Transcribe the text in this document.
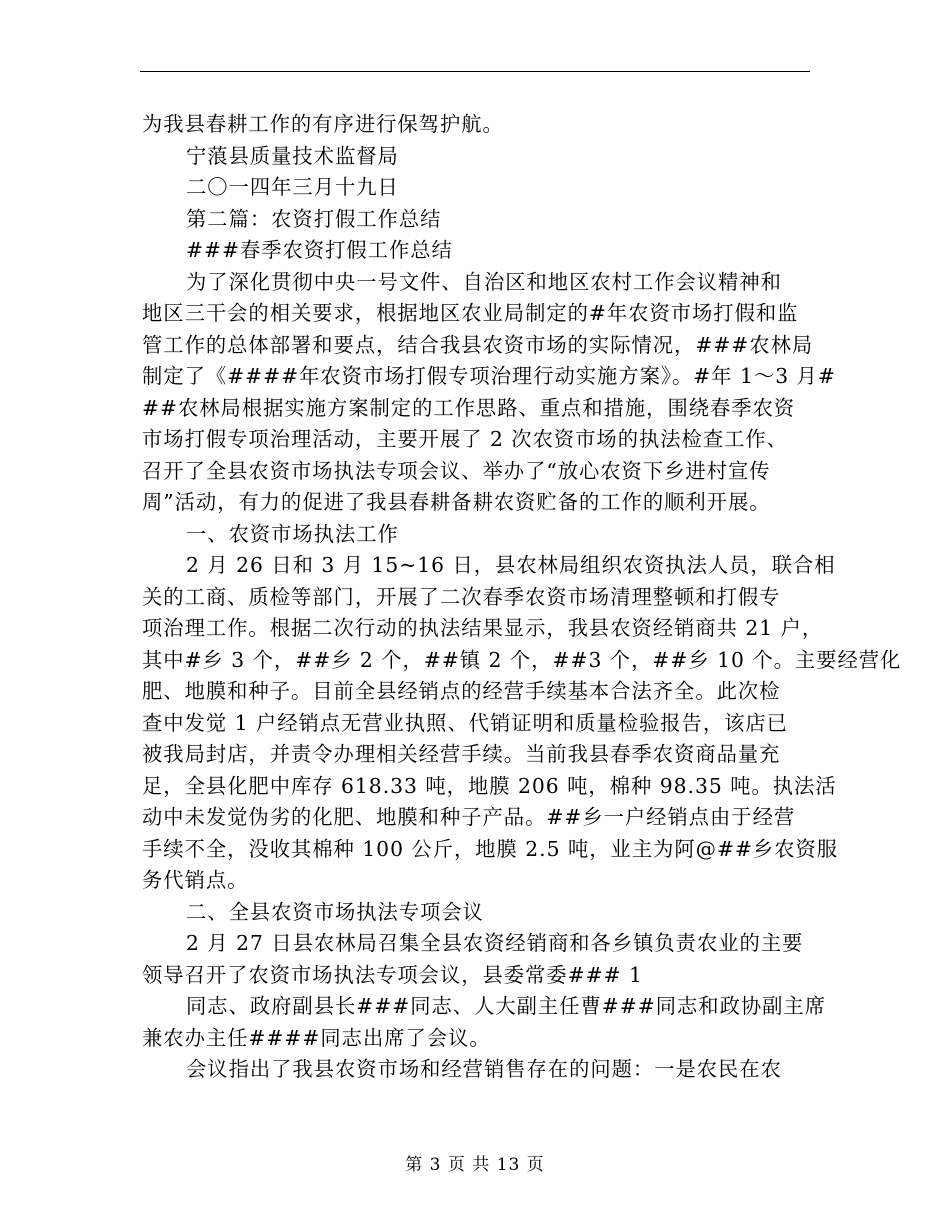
为我县春耕工作的有序进行保驾护航。
宁蒗县质量技术监督局
二〇一四年三月十九日
第二篇：农资打假工作总结
###春季农资打假工作总结
为了深化贯彻中央一号文件、自治区和地区农村工作会议精神和
地区三干会的相关要求，根据地区农业局制定的#年农资市场打假和监
管工作的总体部署和要点，结合我县农资市场的实际情况，###农林局
制定了《####年农资市场打假专项治理行动实施方案》。#年 1～3 月#
##农林局根据实施方案制定的工作思路、重点和措施，围绕春季农资
市场打假专项治理活动，主要开展了 2 次农资市场的执法检查工作、
召开了全县农资市场执法专项会议、举办了“放心农资下乡进村宣传
周”活动，有力的促进了我县春耕备耕农资贮备的工作的顺利开展。
一、农资市场执法工作
2 月 26 日和 3 月 15~16 日，县农林局组织农资执法人员，联合相
关的工商、质检等部门，开展了二次春季农资市场清理整顿和打假专
项治理工作。根据二次行动的执法结果显示，我县农资经销商共 21 户，
其中#乡 3 个，##乡 2 个，##镇 2 个，##3 个，##乡 10 个。主要经营化
肥、地膜和种子。目前全县经销点的经营手续基本合法齐全。此次检
查中发觉 1 户经销点无营业执照、代销证明和质量检验报告，该店已
被我局封店，并责令办理相关经营手续。当前我县春季农资商品量充
足，全县化肥中库存 618.33 吨，地膜 206 吨，棉种 98.35 吨。执法活
动中未发觉伪劣的化肥、地膜和种子产品。##乡一户经销点由于经营
手续不全，没收其棉种 100 公斤，地膜 2.5 吨，业主为阿@##乡农资服
务代销点。
二、全县农资市场执法专项会议
2 月 27 日县农林局召集全县农资经销商和各乡镇负责农业的主要
领导召开了农资市场执法专项会议，县委常委### 1
同志、政府副县长###同志、人大副主任曹###同志和政协副主席
兼农办主任####同志出席了会议。
会议指出了我县农资市场和经营销售存在的问题：一是农民在农
第 3 页 共 13 页
